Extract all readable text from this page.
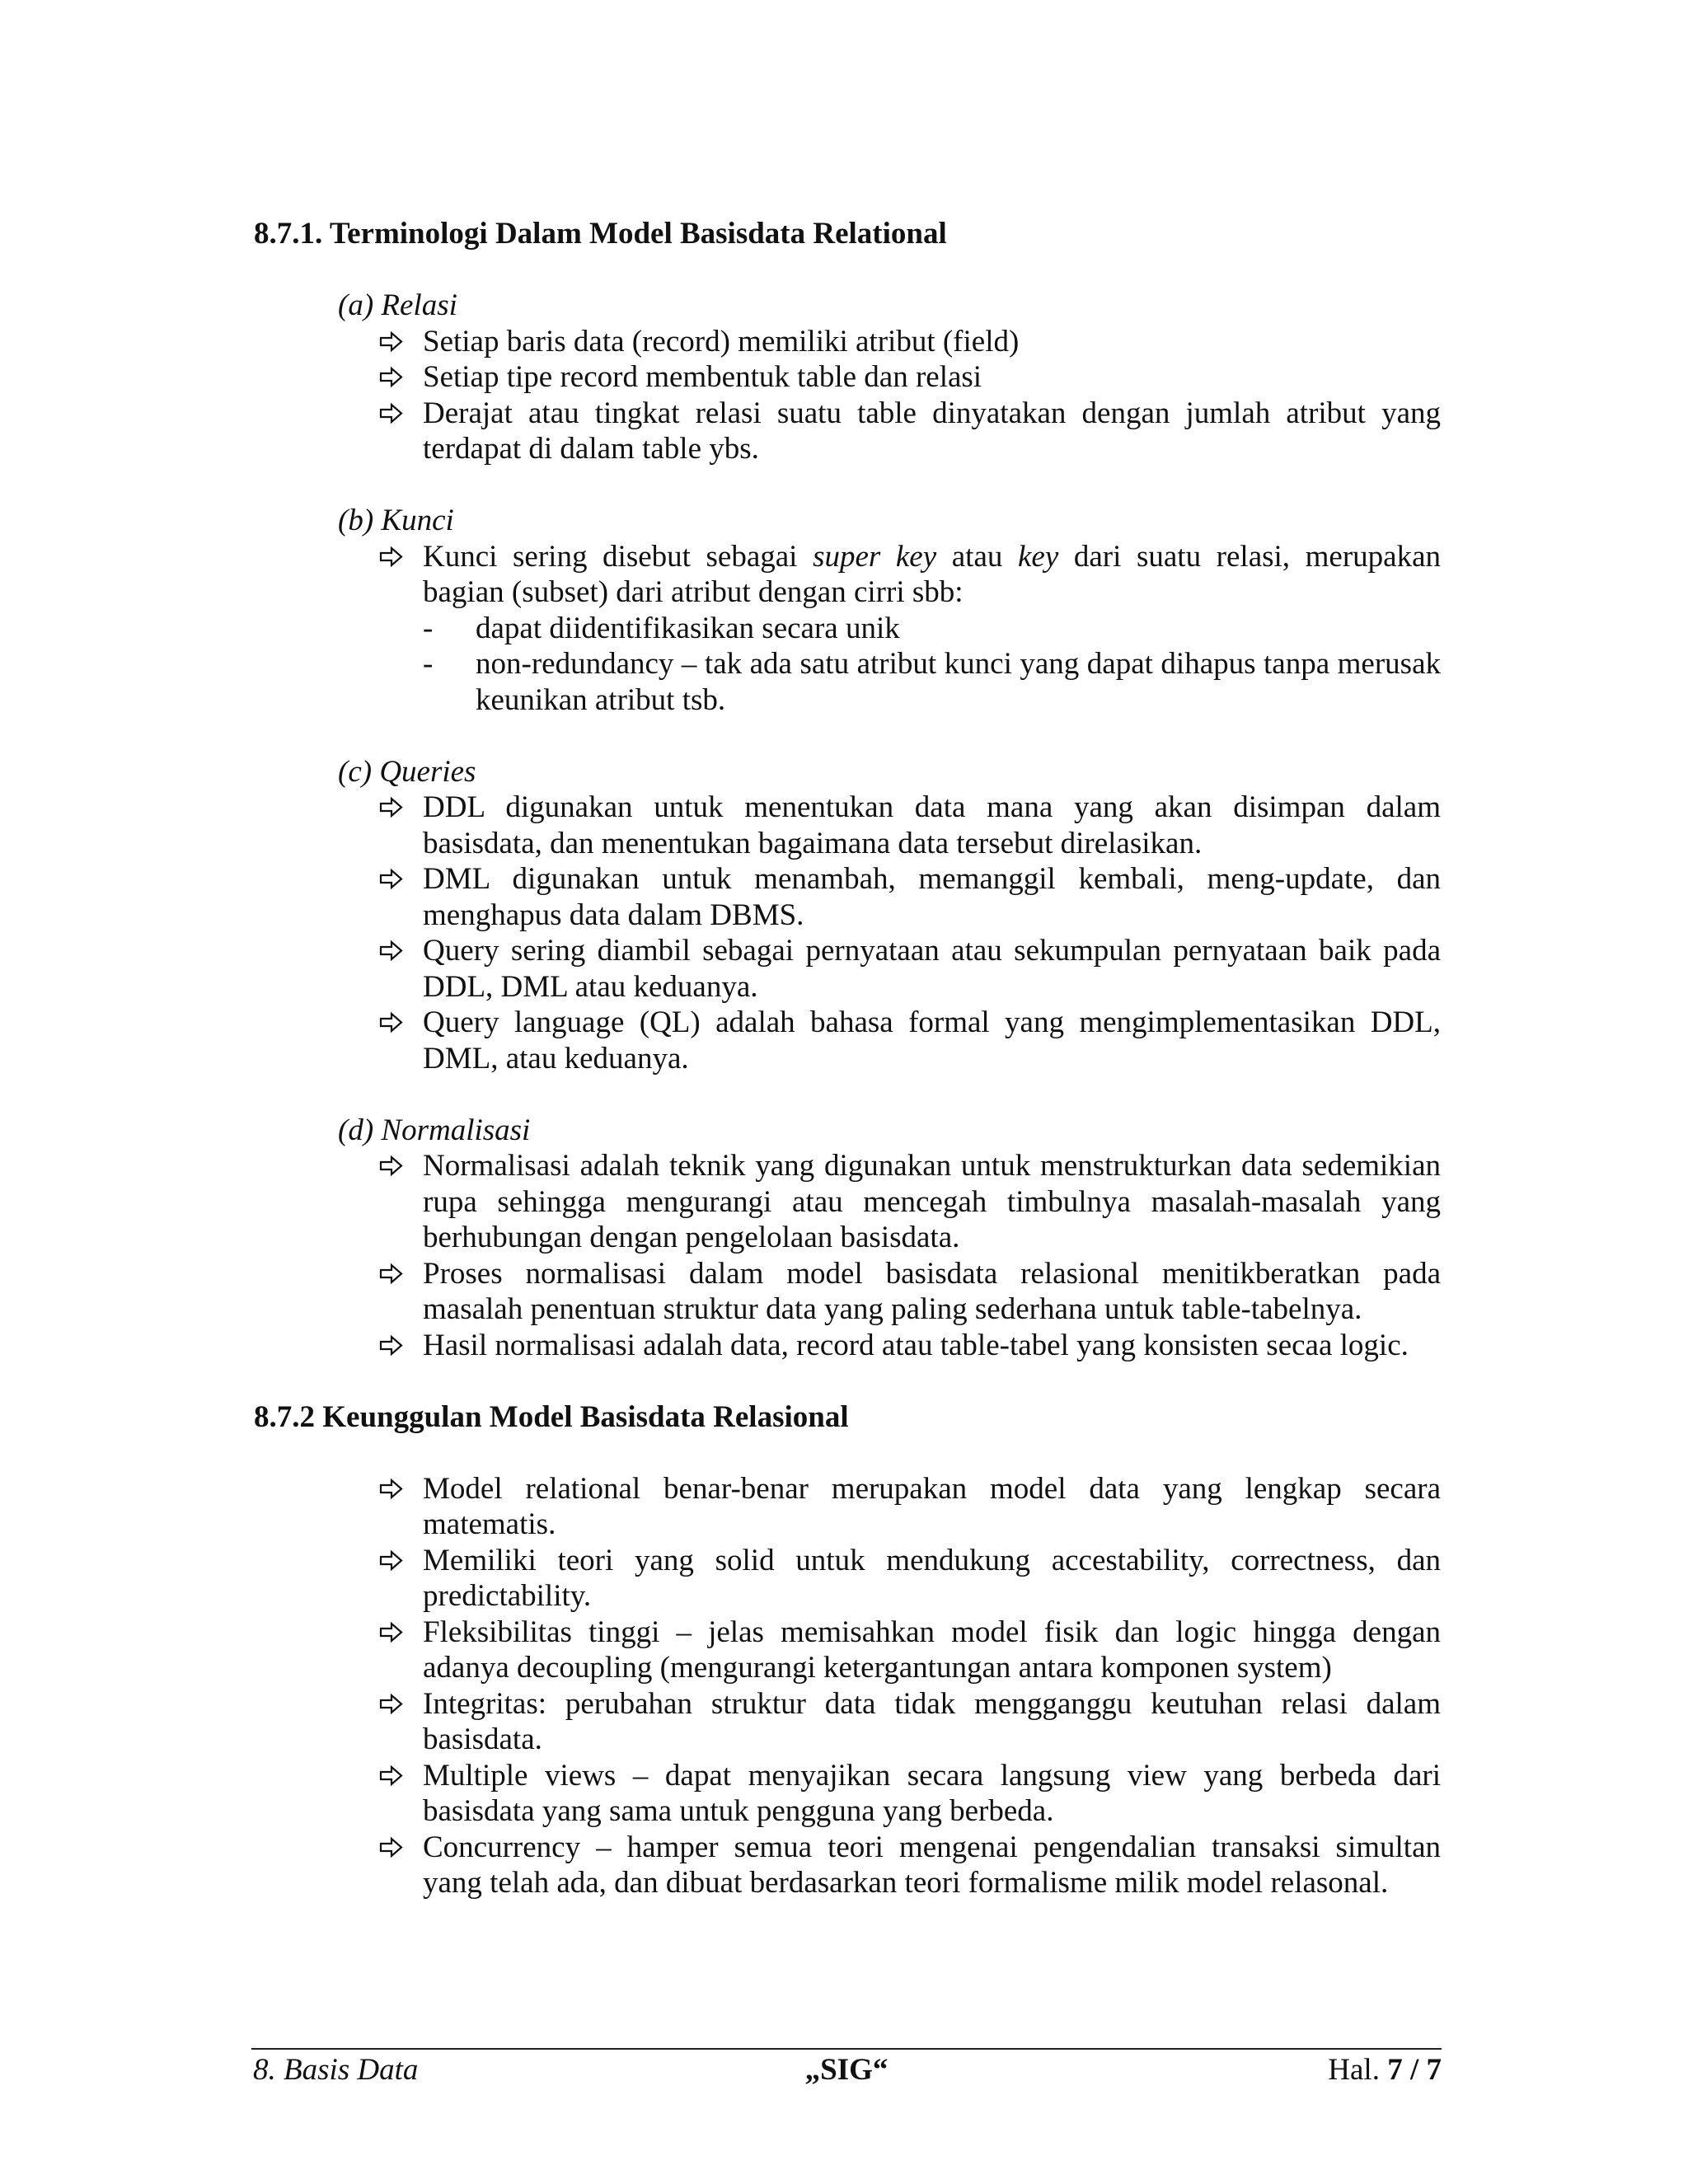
8.7.1. Terminologi Dalam Model Basisdata Relational
(a) Relasi
Setiap baris data (record) memiliki atribut (field)
Setiap tipe record membentuk table dan relasi
Derajat atau tingkat relasi suatu table dinyatakan dengan jumlah atribut yang terdapat di dalam table ybs.
(b) Kunci
Kunci sering disebut sebagai super key atau key dari suatu relasi, merupakan bagian (subset) dari atribut dengan cirri sbb:
- dapat diidentifikasikan secara unik
- non-redundancy – tak ada satu atribut kunci yang dapat dihapus tanpa merusak keunikan atribut tsb.
(c) Queries
DDL digunakan untuk menentukan data mana yang akan disimpan dalam basisdata, dan menentukan bagaimana data tersebut direlasikan.
DML digunakan untuk menambah, memanggil kembali, meng-update, dan menghapus data dalam DBMS.
Query sering diambil sebagai pernyataan atau sekumpulan pernyataan baik pada DDL, DML atau keduanya.
Query language (QL) adalah bahasa formal yang mengimplementasikan DDL, DML, atau keduanya.
(d) Normalisasi
Normalisasi adalah teknik yang digunakan untuk menstrukturkan data sedemikian rupa sehingga mengurangi atau mencegah timbulnya masalah-masalah yang berhubungan dengan pengelolaan basisdata.
Proses normalisasi dalam model basisdata relasional menitikberatkan pada masalah penentuan struktur data yang paling sederhana untuk table-tabelnya.
Hasil normalisasi adalah data, record atau table-tabel yang konsisten secaa logic.
8.7.2 Keunggulan Model Basisdata Relasional
Model relational benar-benar merupakan model data yang lengkap secara matematis.
Memiliki teori yang solid untuk mendukung accestability, correctness, dan predictability.
Fleksibilitas tinggi – jelas memisahkan model fisik dan logic hingga dengan adanya decoupling (mengurangi ketergantungan antara komponen system)
Integritas: perubahan struktur data tidak mengganggu keutuhan relasi dalam basisdata.
Multiple views – dapat menyajikan secara langsung view yang berbeda dari basisdata yang sama untuk pengguna yang berbeda.
Concurrency – hamper semua teori mengenai pengendalian transaksi simultan yang telah ada, dan dibuat berdasarkan teori formalisme milik model relasonal.
8. Basis Data	„SIG“	Hal. 7 / 7
